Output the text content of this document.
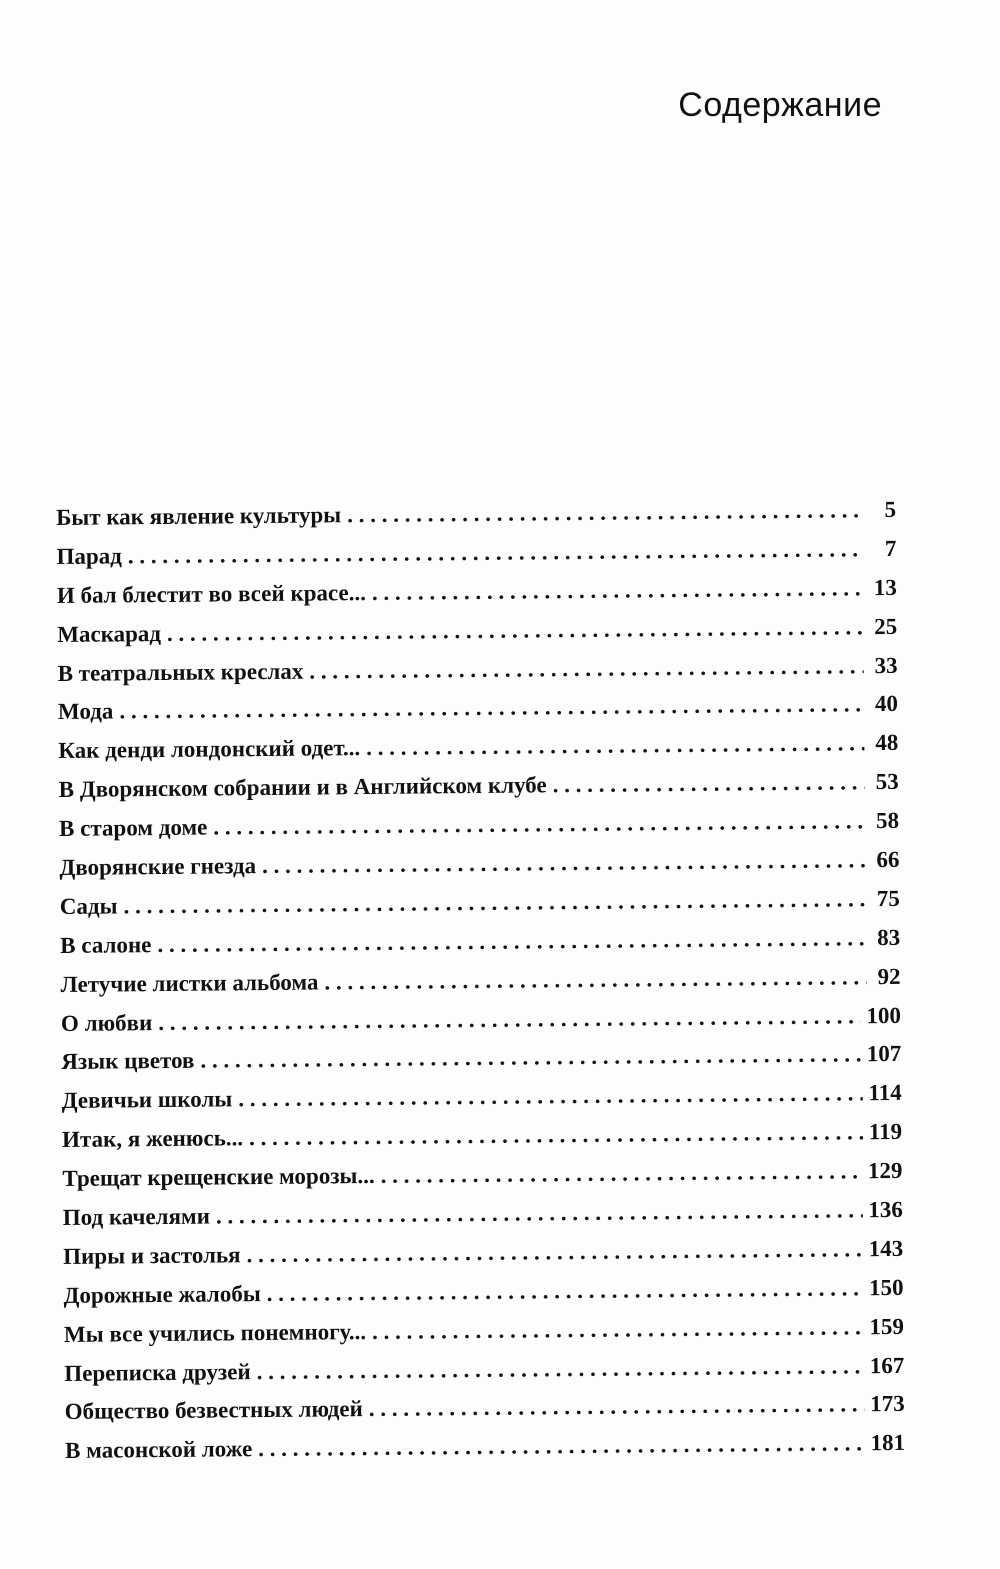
Содержание
Быт как явление культуры . . .	5
Парад . . .	7
И бал блестит во всей красе... . . .	13
Маскарад . . .	25
В театральных креслах . . .	33
Мода . . .	40
Как денди лондонский одет... . . .	48
В Дворянском собрании и в Английском клубе . . .	53
В старом доме . . .	58
Дворянские гнезда . . .	66
Сады . . .	75
В салоне . . .	83
Летучие листки альбома . . .	92
О любви . . .	100
Язык цветов . . .	107
Девичьи школы . . .	114
Итак, я женюсь... . . .	119
Трещат крещенские морозы... . . .	129
Под качелями . . .	136
Пиры и застолья . . .	143
Дорожные жалобы . . .	150
Мы все учились понемногу... . . .	159
Переписка друзей . . .	167
Общество безвестных людей . . .	173
В масонской ложе . . .	181
